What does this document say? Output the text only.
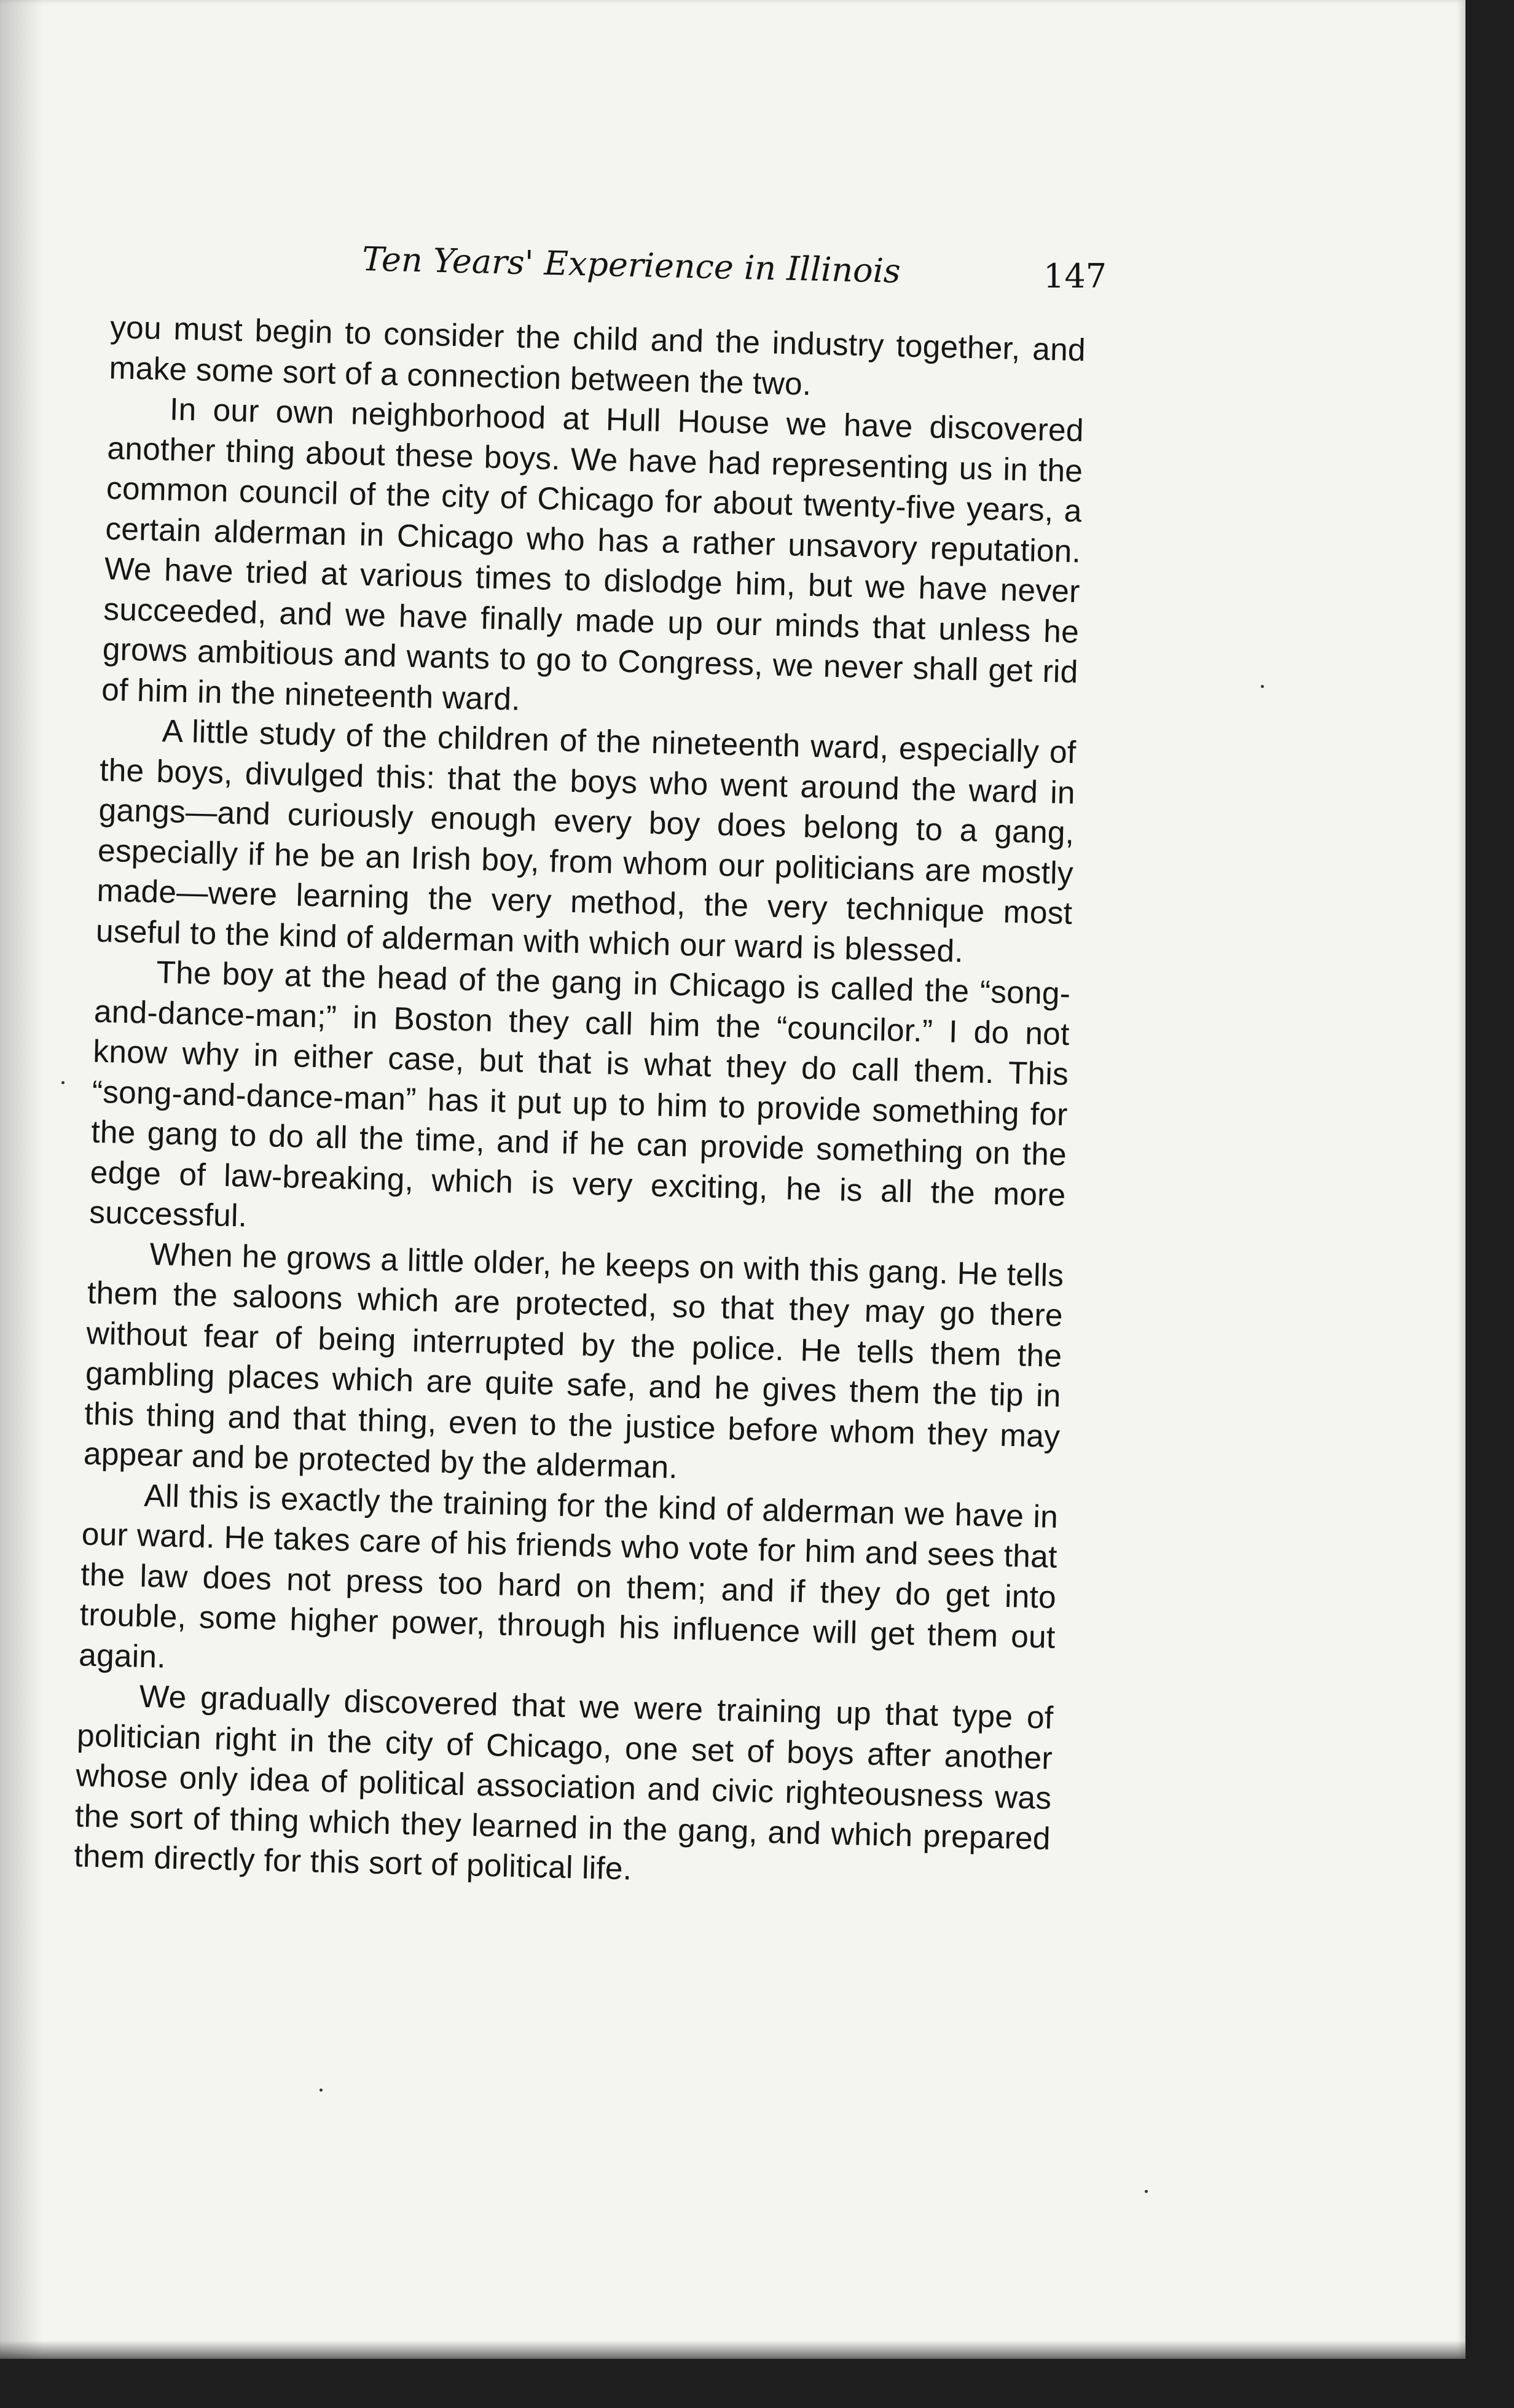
Ten Years' Experience in Illinois	147

you must begin to consider the child and the industry together, and make some sort of a connection between the two.

In our own neighborhood at Hull House we have discovered another thing about these boys. We have had representing us in the common council of the city of Chicago for about twenty-five years, a certain alderman in Chicago who has a rather unsavory reputation. We have tried at various times to dislodge him, but we have never succeeded, and we have finally made up our minds that unless he grows ambitious and wants to go to Congress, we never shall get rid of him in the nineteenth ward.

A little study of the children of the nineteenth ward, especially of the boys, divulged this: that the boys who went around the ward in gangs—and curiously enough every boy does belong to a gang, especially if he be an Irish boy, from whom our politicians are mostly made—were learning the very method, the very technique most useful to the kind of alderman with which our ward is blessed.

The boy at the head of the gang in Chicago is called the “song-and-dance-man;” in Boston they call him the “councilor.” I do not know why in either case, but that is what they do call them. This “song-and-dance-man” has it put up to him to provide something for the gang to do all the time, and if he can provide something on the edge of law-breaking, which is very exciting, he is all the more successful.

When he grows a little older, he keeps on with this gang. He tells them the saloons which are protected, so that they may go there without fear of being interrupted by the police. He tells them the gambling places which are quite safe, and he gives them the tip in this thing and that thing, even to the justice before whom they may appear and be protected by the alderman.

All this is exactly the training for the kind of alderman we have in our ward. He takes care of his friends who vote for him and sees that the law does not press too hard on them; and if they do get into trouble, some higher power, through his influence will get them out again.

We gradually discovered that we were training up that type of politician right in the city of Chicago, one set of boys after another whose only idea of political association and civic righteousness was the sort of thing which they learned in the gang, and which prepared them directly for this sort of political life.
